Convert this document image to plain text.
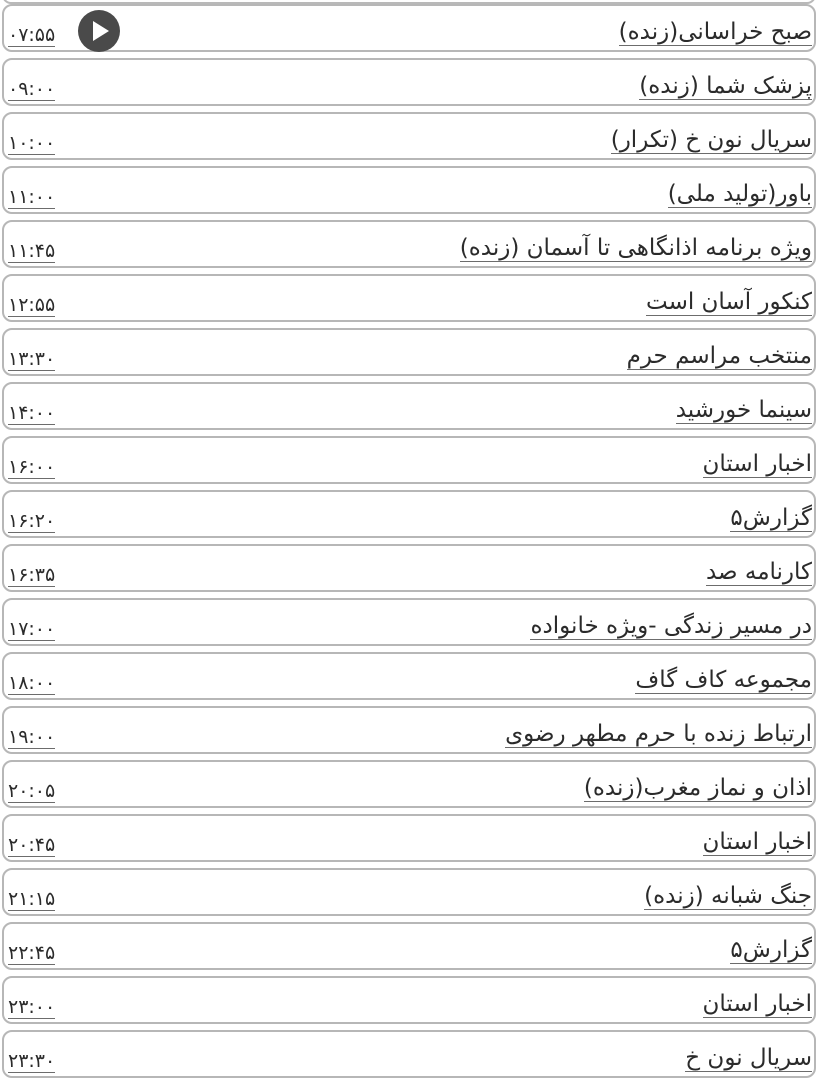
صبح خراسانی(زنده)
۰۷:۵۵
پزشک شما (زنده)
۰۹:۰۰
سریال نون خ (تکرار)
۱۰:۰۰
باور(تولید ملی)
۱۱:۰۰
ویژه برنامه اذانگاهی تا آسمان (زنده)
۱۱:۴۵
کنکور آسان است
۱۲:۵۵
منتخب مراسم حرم
۱۳:۳۰
سینما خورشید
۱۴:۰۰
اخبار استان
۱۶:۰۰
گزارش۵
۱۶:۲۰
کارنامه صد
۱۶:۳۵
در مسیر زندگی -ویژه خانواده
۱۷:۰۰
مجموعه کاف گاف
۱۸:۰۰
ارتباط زنده با حرم مطهر رضوی
۱۹:۰۰
اذان و نماز مغرب(زنده)
۲۰:۰۵
اخبار استان
۲۰:۴۵
جنگ شبانه (زنده)
۲۱:۱۵
گزارش۵
۲۲:۴۵
اخبار استان
۲۳:۰۰
سریال نون خ
۲۳:۳۰
